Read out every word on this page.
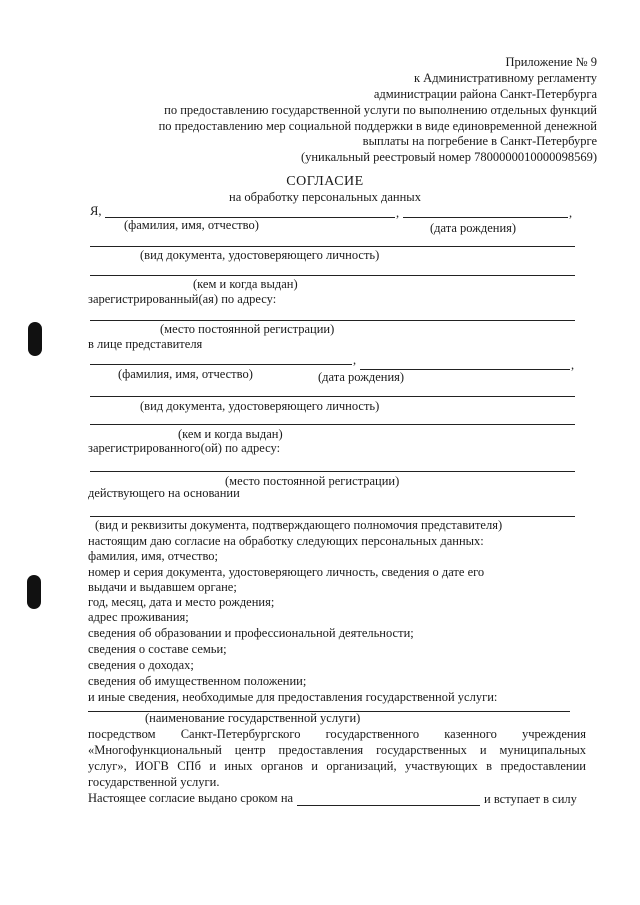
Приложение № 9
к Административному регламенту
администрации района Санкт-Петербурга
по предоставлению государственной услуги по выполнению отдельных функций
по предоставлению мер социальной поддержки в виде единовременной денежной
выплаты на погребение в Санкт-Петербурге
(уникальный реестровый номер 7800000010000098569)
СОГЛАСИЕ
на обработку персональных данных
Я,	,	,
(фамилия, имя, отчество)	(дата рождения)
(вид документа, удостоверяющего личность)
(кем и когда выдан)
зарегистрированный(ая) по адресу:
(место постоянной регистрации)
в лице представителя
,	,
(фамилия, имя, отчество)	(дата рождения)
(вид документа, удостоверяющего личность)
(кем и когда выдан)
зарегистрированного(ой) по адресу:
(место постоянной регистрации)
действующего на основании
(вид и реквизиты документа, подтверждающего полномочия представителя)
настоящим даю согласие на обработку следующих персональных данных:
фамилия, имя, отчество;
номер и серия документа, удостоверяющего личность, сведения о дате его
выдачи и выдавшем органе;
год, месяц, дата и место рождения;
адрес проживания;
сведения об образовании и профессиональной деятельности;
сведения о составе семьи;
сведения о доходах;
сведения об имущественном положении;
и иные сведения, необходимые для предоставления государственной услуги:
(наименование государственной услуги)
посредством Санкт-Петербургского государственного казенного учреждения
«Многофункциональный центр предоставления государственных и муниципальных
услуг», ИОГВ СПб и иных органов и организаций, участвующих в предоставлении
государственной услуги.
Настоящее согласие выдано сроком на	и вступает в силу
